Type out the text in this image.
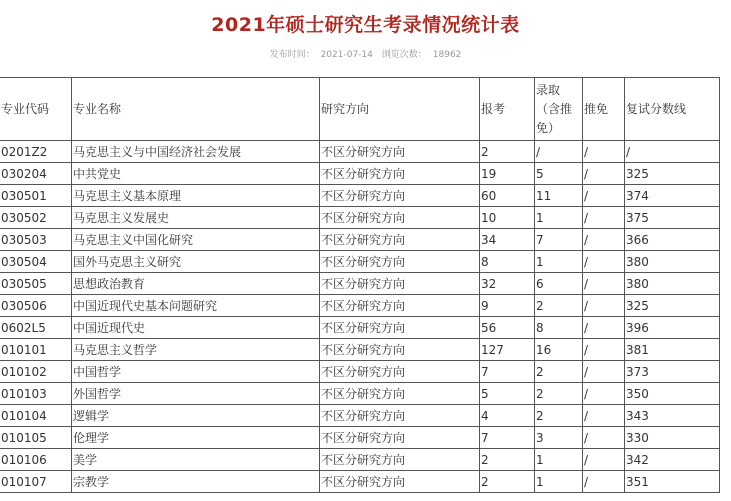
2021年硕士研究生考录情况统计表
发布时间： 2021-07-14 浏览次数： 18962
专业代码	专业名称	研究方向	报考	录取（含推免）	推免	复试分数线
0201Z2	马克思主义与中国经济社会发展	不区分研究方向	2	/	/	/
030204	中共党史	不区分研究方向	19	5	/	325
030501	马克思主义基本原理	不区分研究方向	60	11	/	374
030502	马克思主义发展史	不区分研究方向	10	1	/	375
030503	马克思主义中国化研究	不区分研究方向	34	7	/	366
030504	国外马克思主义研究	不区分研究方向	8	1	/	380
030505	思想政治教育	不区分研究方向	32	6	/	380
030506	中国近现代史基本问题研究	不区分研究方向	9	2	/	325
0602L5	中国近现代史	不区分研究方向	56	8	/	396
010101	马克思主义哲学	不区分研究方向	127	16	/	381
010102	中国哲学	不区分研究方向	7	2	/	373
010103	外国哲学	不区分研究方向	5	2	/	350
010104	逻辑学	不区分研究方向	4	2	/	343
010105	伦理学	不区分研究方向	7	3	/	330
010106	美学	不区分研究方向	2	1	/	342
010107	宗教学	不区分研究方向	2	1	/	351
